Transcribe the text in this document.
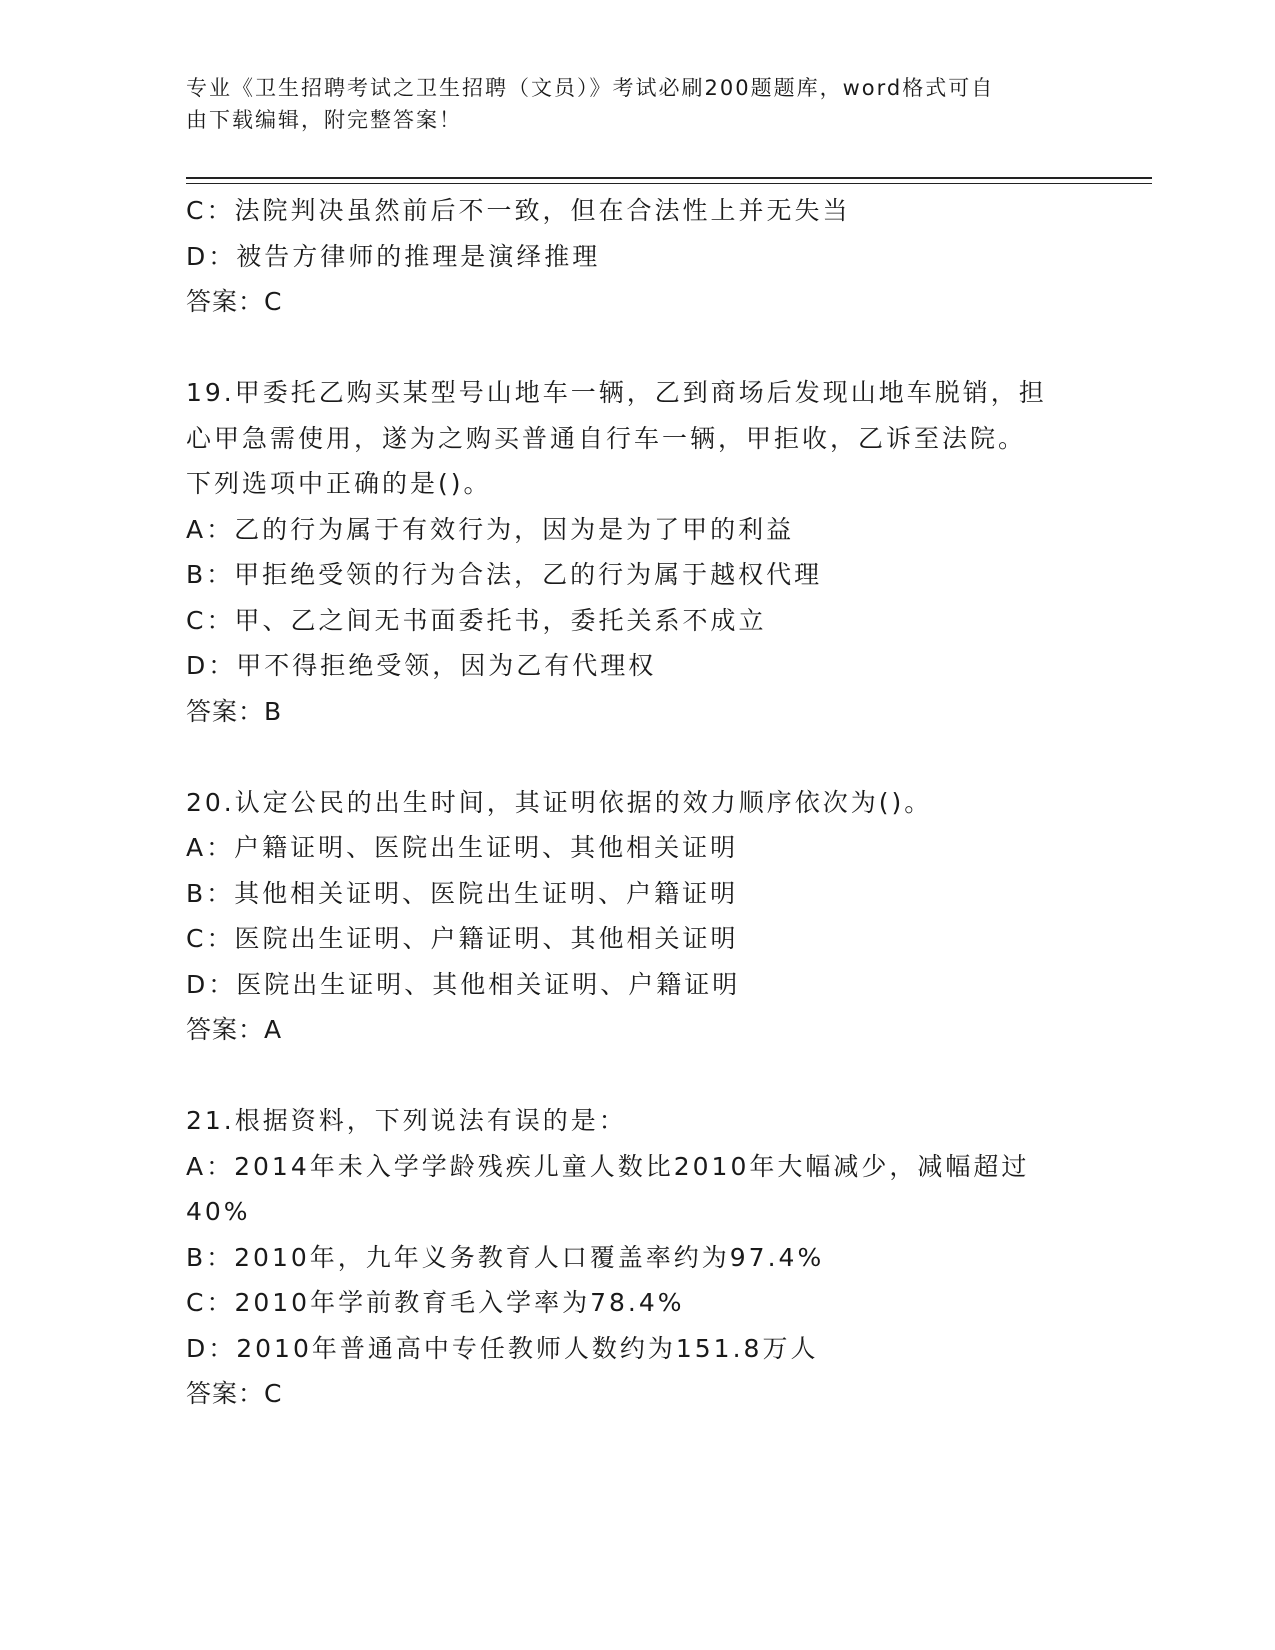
专业《卫生招聘考试之卫生招聘（文员）》考试必刷200题题库，word格式可自
由下载编辑，附完整答案！
C：法院判决虽然前后不一致，但在合法性上并无失当
D：被告方律师的推理是演绎推理
答案：C
19.甲委托乙购买某型号山地车一辆，乙到商场后发现山地车脱销，担
心甲急需使用，遂为之购买普通自行车一辆，甲拒收，乙诉至法院。
下列选项中正确的是()。
A：乙的行为属于有效行为，因为是为了甲的利益
B：甲拒绝受领的行为合法，乙的行为属于越权代理
C：甲、乙之间无书面委托书，委托关系不成立
D：甲不得拒绝受领，因为乙有代理权
答案：B
20.认定公民的出生时间，其证明依据的效力顺序依次为()。
A：户籍证明、医院出生证明、其他相关证明
B：其他相关证明、医院出生证明、户籍证明
C：医院出生证明、户籍证明、其他相关证明
D：医院出生证明、其他相关证明、户籍证明
答案：A
21.根据资料，下列说法有误的是：
A：2014年未入学学龄残疾儿童人数比2010年大幅减少，减幅超过
40%
B：2010年，九年义务教育人口覆盖率约为97.4%
C：2010年学前教育毛入学率为78.4%
D：2010年普通高中专任教师人数约为151.8万人
答案：C
